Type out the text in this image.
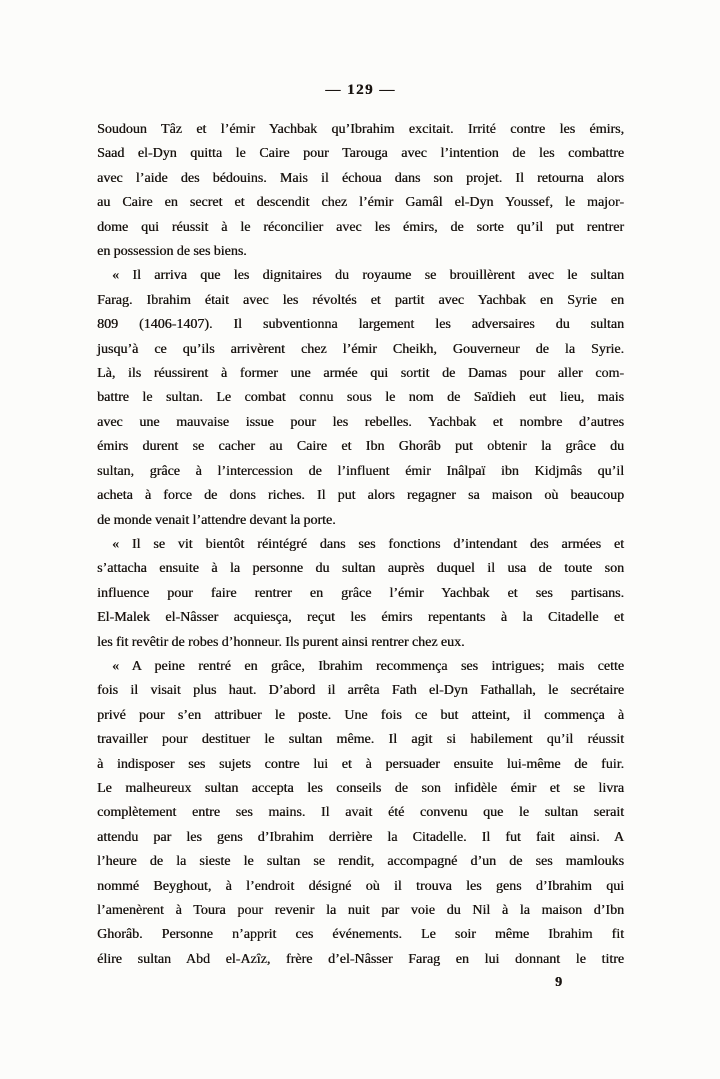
— 129 —
Soudoun Tâz et l’émir Yachbak qu’Ibrahim excitait. Irrité contre les émirs,
Saad el-Dyn quitta le Caire pour Tarouga avec l’intention de les combattre
avec l’aide des bédouins. Mais il échoua dans son projet. Il retourna alors
au Caire en secret et descendit chez l’émir Gamâl el-Dyn Youssef, le major-
dome qui réussit à le réconcilier avec les émirs, de sorte qu’il put rentrer
en possession de ses biens.
« Il arriva que les dignitaires du royaume se brouillèrent avec le sultan
Farag. Ibrahim était avec les révoltés et partit avec Yachbak en Syrie en
809 (1406-1407). Il subventionna largement les adversaires du sultan
jusqu’à ce qu’ils arrivèrent chez l’émir Cheikh, Gouverneur de la Syrie.
Là, ils réussirent à former une armée qui sortit de Damas pour aller com-
battre le sultan. Le combat connu sous le nom de Saïdieh eut lieu, mais
avec une mauvaise issue pour les rebelles. Yachbak et nombre d’autres
émirs durent se cacher au Caire et Ibn Ghorâb put obtenir la grâce du
sultan, grâce à l’intercession de l’influent émir Inâlpaï ibn Kidjmâs qu’il
acheta à force de dons riches. Il put alors regagner sa maison où beaucoup
de monde venait l’attendre devant la porte.
« Il se vit bientôt réintégré dans ses fonctions d’intendant des armées et
s’attacha ensuite à la personne du sultan auprès duquel il usa de toute son
influence pour faire rentrer en grâce l’émir Yachbak et ses partisans.
El-Malek el-Nâsser acquiesça, reçut les émirs repentants à la Citadelle et
les fit revêtir de robes d’honneur. Ils purent ainsi rentrer chez eux.
« A peine rentré en grâce, Ibrahim recommença ses intrigues; mais cette
fois il visait plus haut. D’abord il arrêta Fath el-Dyn Fathallah, le secrétaire
privé pour s’en attribuer le poste. Une fois ce but atteint, il commença à
travailler pour destituer le sultan même. Il agit si habilement qu’il réussit
à indisposer ses sujets contre lui et à persuader ensuite lui-même de fuir.
Le malheureux sultan accepta les conseils de son infidèle émir et se livra
complètement entre ses mains. Il avait été convenu que le sultan serait
attendu par les gens d’Ibrahim derrière la Citadelle. Il fut fait ainsi. A
l’heure de la sieste le sultan se rendit, accompagné d’un de ses mamlouks
nommé Beyghout, à l’endroit désigné où il trouva les gens d’Ibrahim qui
l’amenèrent à Toura pour revenir la nuit par voie du Nil à la maison d’Ibn
Ghorâb. Personne n’apprit ces événements. Le soir même Ibrahim fit
élire sultan Abd el-Azîz, frère d’el-Nâsser Farag en lui donnant le titre
9
